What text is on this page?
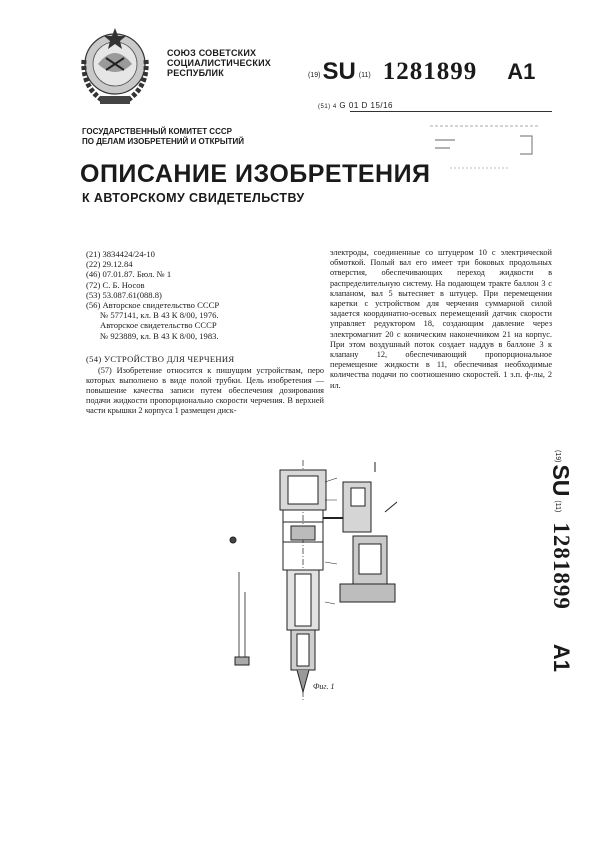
СОЮЗ СОВЕТСКИХ
СОЦИАЛИСТИЧЕСКИХ
РЕСПУБЛИК	(19) SU (11) 1281899 A1
(51) 4 G 01 D 15/16
ГОСУДАРСТВЕННЫЙ КОМИТЕТ СССР
ПО ДЕЛАМ ИЗОБРЕТЕНИЙ И ОТКРЫТИЙ
ОПИСАНИЕ ИЗОБРЕТЕНИЯ
К АВТОРСКОМУ СВИДЕТЕЛЬСТВУ
(21) 3834424/24-10
(22) 29.12.84
(46) 07.01.87. Бюл. № 1
(72) С. Б. Носов
(53) 53.087.61(088.8)
(56) Авторское свидетельство СССР
№ 577141, кл. В 43 К 8/00, 1976.
Авторское свидетельство СССР
№ 923889, кл. В 43 К 8/00, 1983.
(54) УСТРОЙСТВО ДЛЯ ЧЕРЧЕНИЯ
(57) Изобретение относится к пишущим устройствам, перо которых выполнено в виде полой трубки. Цель изобретения — повышение качества записи путем обеспечения дозирования подачи жидкости пропорционально скорости черчения. В верхней части крышки 2 корпуса 1 размещен диск-
электроды, соединенные со штуцером 10 с электрической обмоткой. Полый вал его имеет три боковых продольных отверстия, обеспечивающих переход жидкости в распределительную систему. На подающем тракте баллон 3 с клапаном, вал 5 вытесняет в штуцер. При перемещении каретки с устройством для черчения суммарной силой задается координатно-осевых перемещений датчик скорости управляет редуктором 18, создающим давление через электромагнит 20 с коническим наконечником 21 на корпус. При этом воздушный поток создает наддув в баллоне 3 к клапану 12, обеспечивающий пропорциональное перемещение жидкости в 11, обеспечивая необходимые количества подачи по соотношению скоростей. 1 з.п. ф-лы, 2 ил.
Фиг. 1
(19)
SU
(11)
1281899
A1
